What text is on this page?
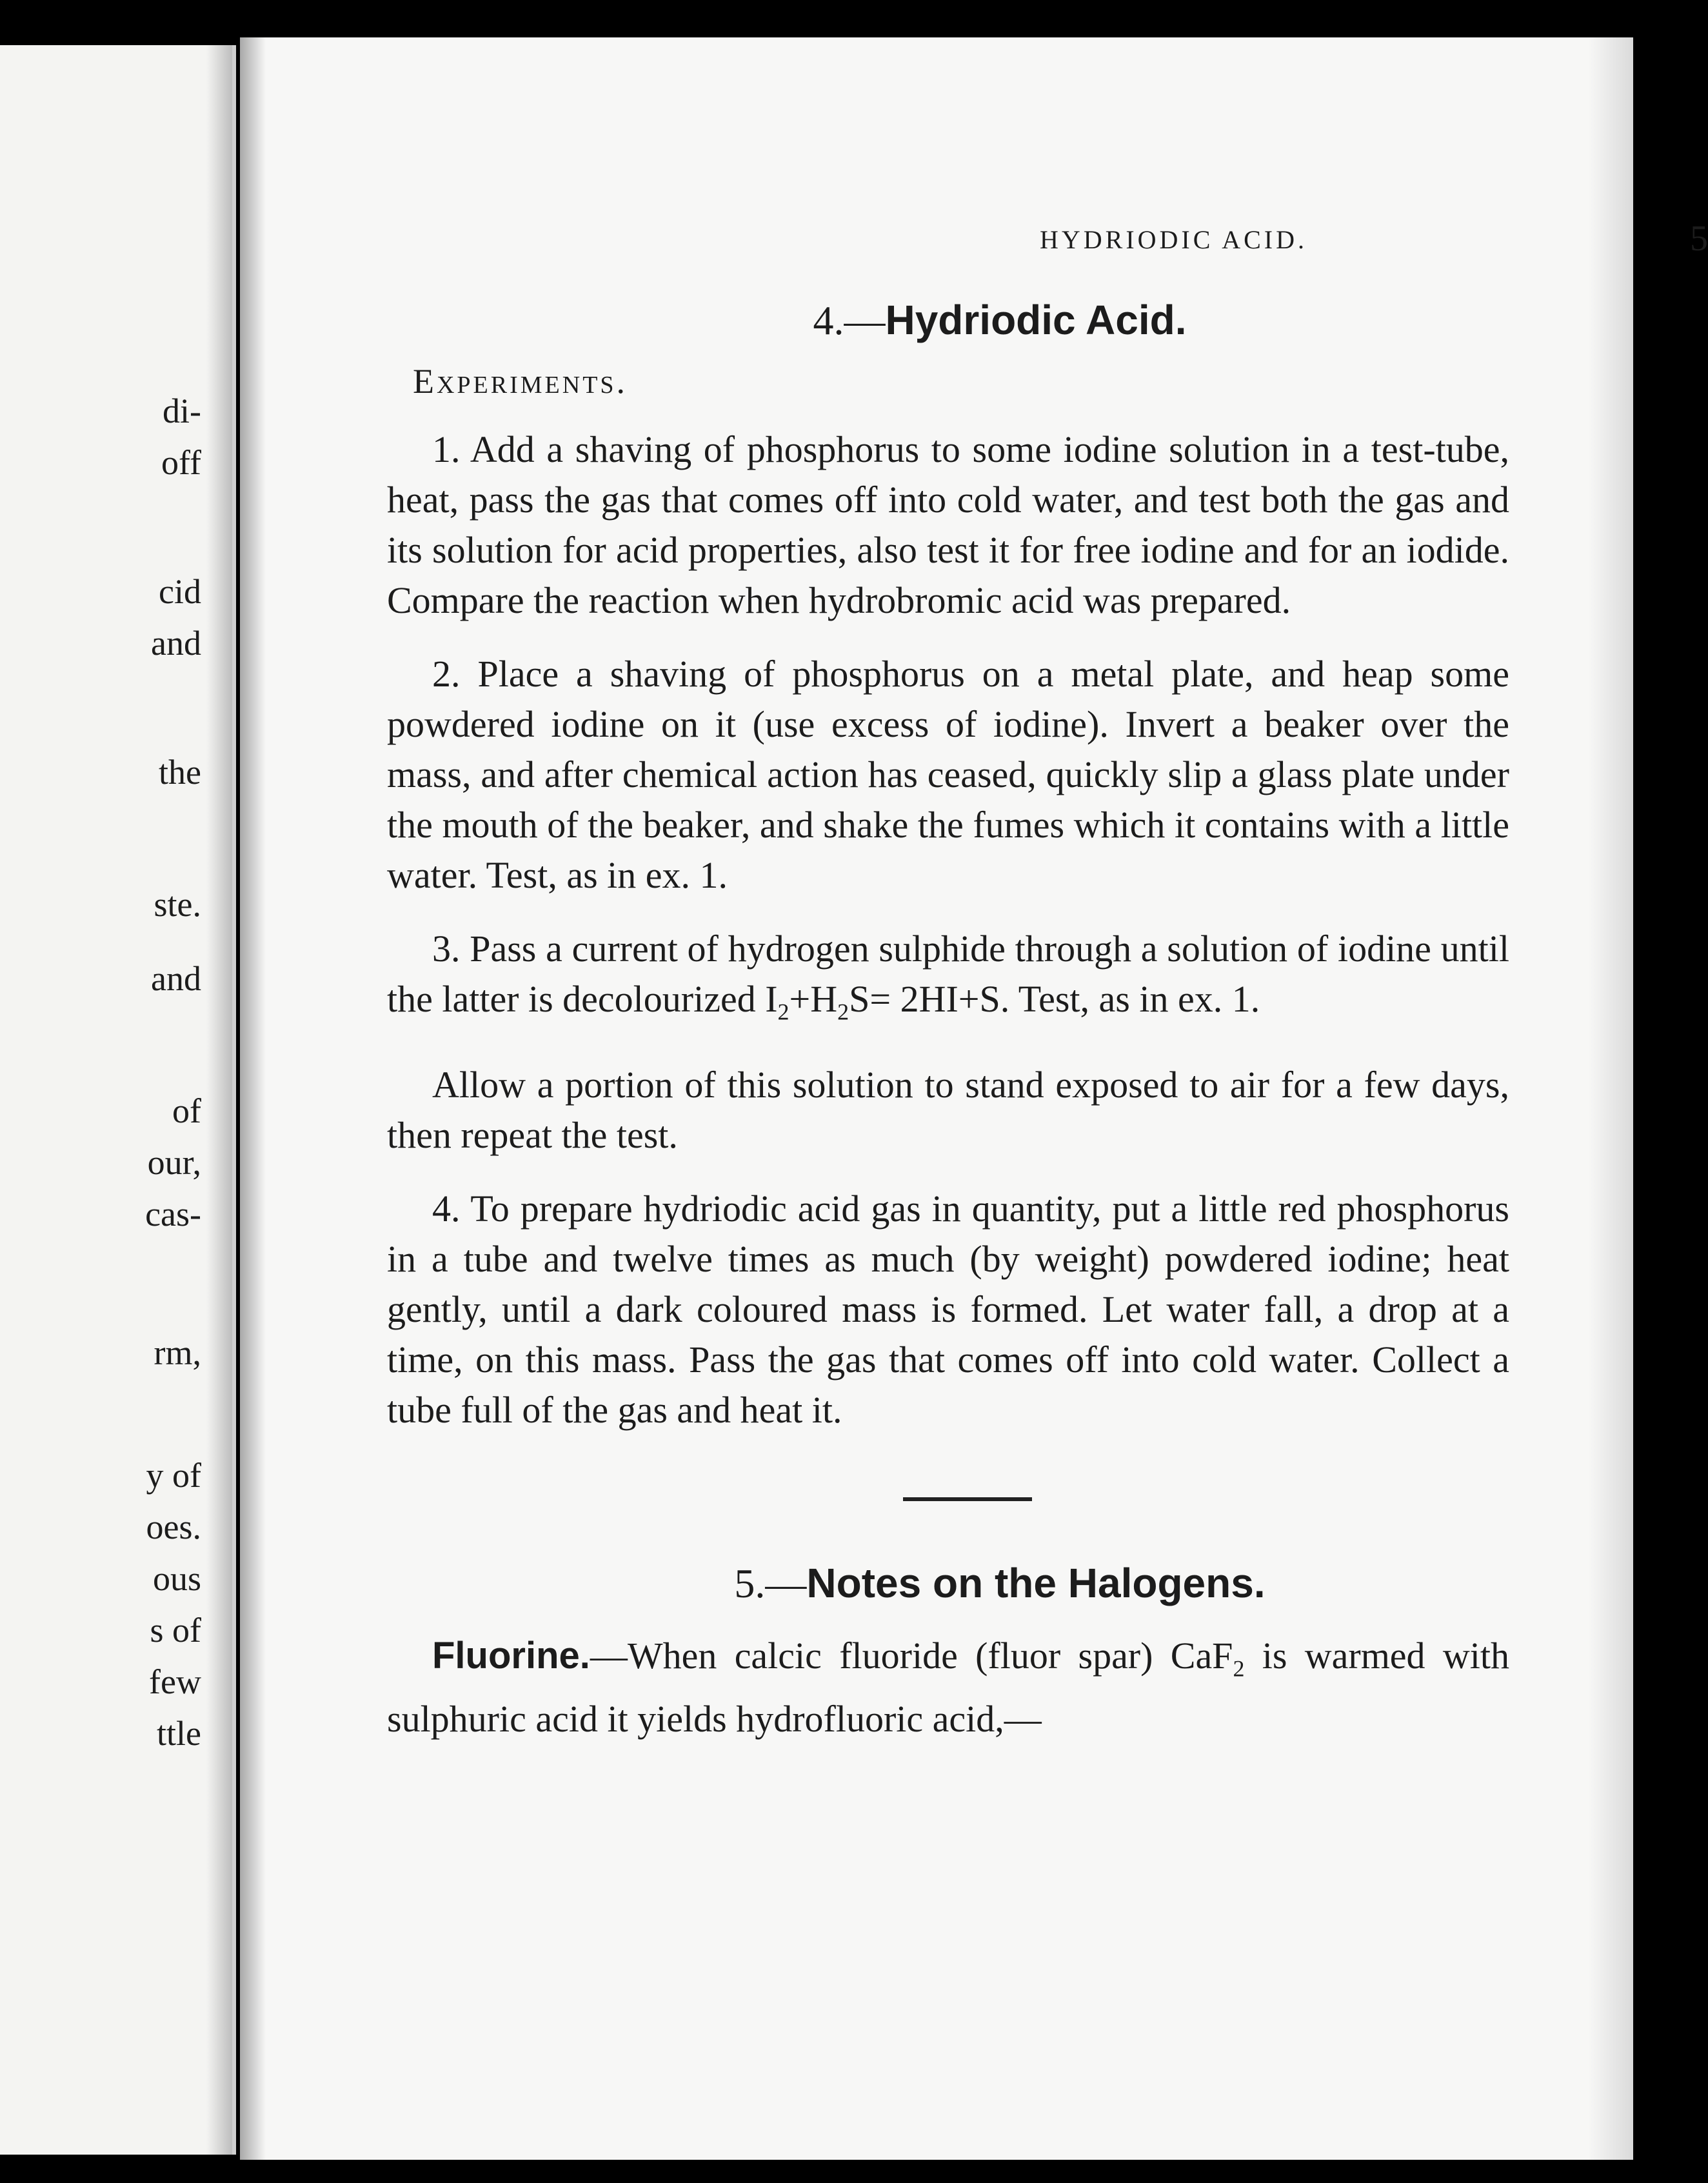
di-
off
cid
and
the
ste.
and
of
our,
cas-
rm,
y of
oes.
ous
s of
few
ttle
HYDRIODIC ACID.	5
4.—Hydriodic Acid.
Experiments.

1. Add a shaving of phosphorus to some iodine solution in a test-tube, heat, pass the gas that comes off into cold water, and test both the gas and its solution for acid properties, also test it for free iodine and for an iodide. Compare the reaction when hydrobromic acid was prepared.

2. Place a shaving of phosphorus on a metal plate, and heap some powdered iodine on it (use excess of iodine). Invert a beaker over the mass, and after chemical action has ceased, quickly slip a glass plate under the mouth of the beaker, and shake the fumes which it contains with a little water. Test, as in ex. 1.

3. Pass a current of hydrogen sulphide through a solution of iodine until the latter is decolourized $I_2+H_2S= 2HI+S$. Test, as in ex. 1.

Allow a portion of this solution to stand exposed to air for a few days, then repeat the test.

4. To prepare hydriodic acid gas in quantity, put a little red phosphorus in a tube and twelve times as much (by weight) powdered iodine; heat gently, until a dark coloured mass is formed. Let water fall, a drop at a time, on this mass. Pass the gas that comes off into cold water. Collect a tube full of the gas and heat it.

5.—Notes on the Halogens.

Fluorine.—When calcic fluoride (fluor spar) CaF$_2$ is warmed with sulphuric acid it yields hydrofluoric acid,—
